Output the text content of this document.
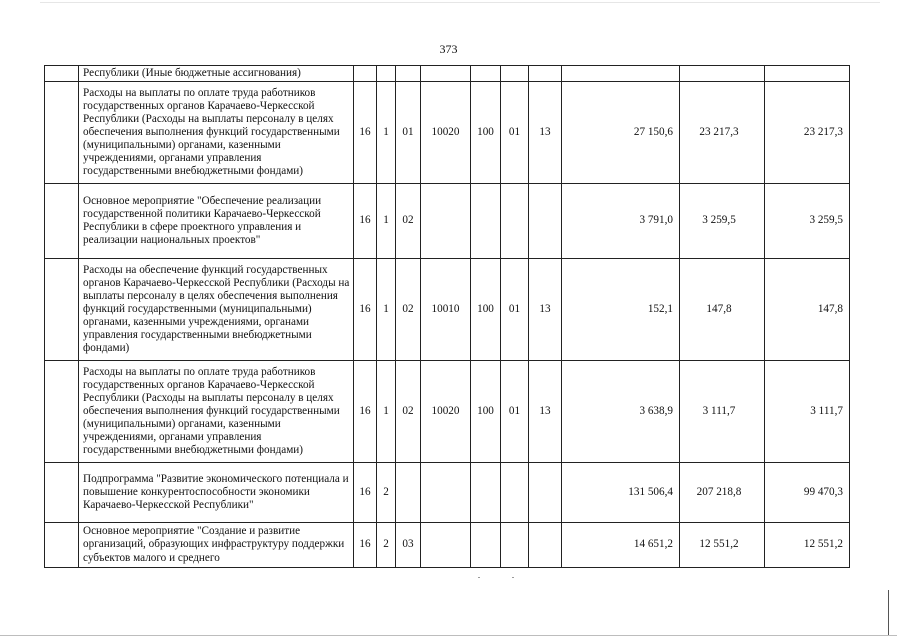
373
	Республики (Иные бюджетные ассигнования)										
	Расходы на выплаты по оплате труда работников государственных органов Карачаево-Черкесской Республики (Расходы на выплаты персоналу в целях обеспечения выполнения функций государственными (муниципальными) органами, казенными учреждениями, органами управления государственными внебюджетными фондами)	16	1	01	10020	100	01	13	27 150,6	23 217,3	23 217,3
	Основное мероприятие "Обеспечение реализации государственной политики Карачаево-Черкесской Республики в сфере проектного управления и реализации национальных проектов"	16	1	02					3 791,0	3 259,5	3 259,5
	Расходы на обеспечение функций государственных органов Карачаево-Черкесской Республики (Расходы на выплаты персоналу в целях обеспечения выполнения функций государственными (муниципальными) органами, казенными учреждениями, органами управления государственными внебюджетными фондами)	16	1	02	10010	100	01	13	152,1	147,8	147,8
	Расходы на выплаты по оплате труда работников государственных органов Карачаево-Черкесской Республики (Расходы на выплаты персоналу в целях обеспечения выполнения функций государственными (муниципальными) органами, казенными учреждениями, органами управления государственными внебюджетными фондами)	16	1	02	10020	100	01	13	3 638,9	3 111,7	3 111,7
	Подпрограмма "Развитие экономического потенциала и повышение конкурентоспособности экономики Карачаево-Черкесской Республики"	16	2						131 506,4	207 218,8	99 470,3
	Основное мероприятие "Создание и развитие организаций, образующих инфраструктуру поддержки субъектов малого и среднего	16	2	03					14 651,2	12 551,2	12 551,2
